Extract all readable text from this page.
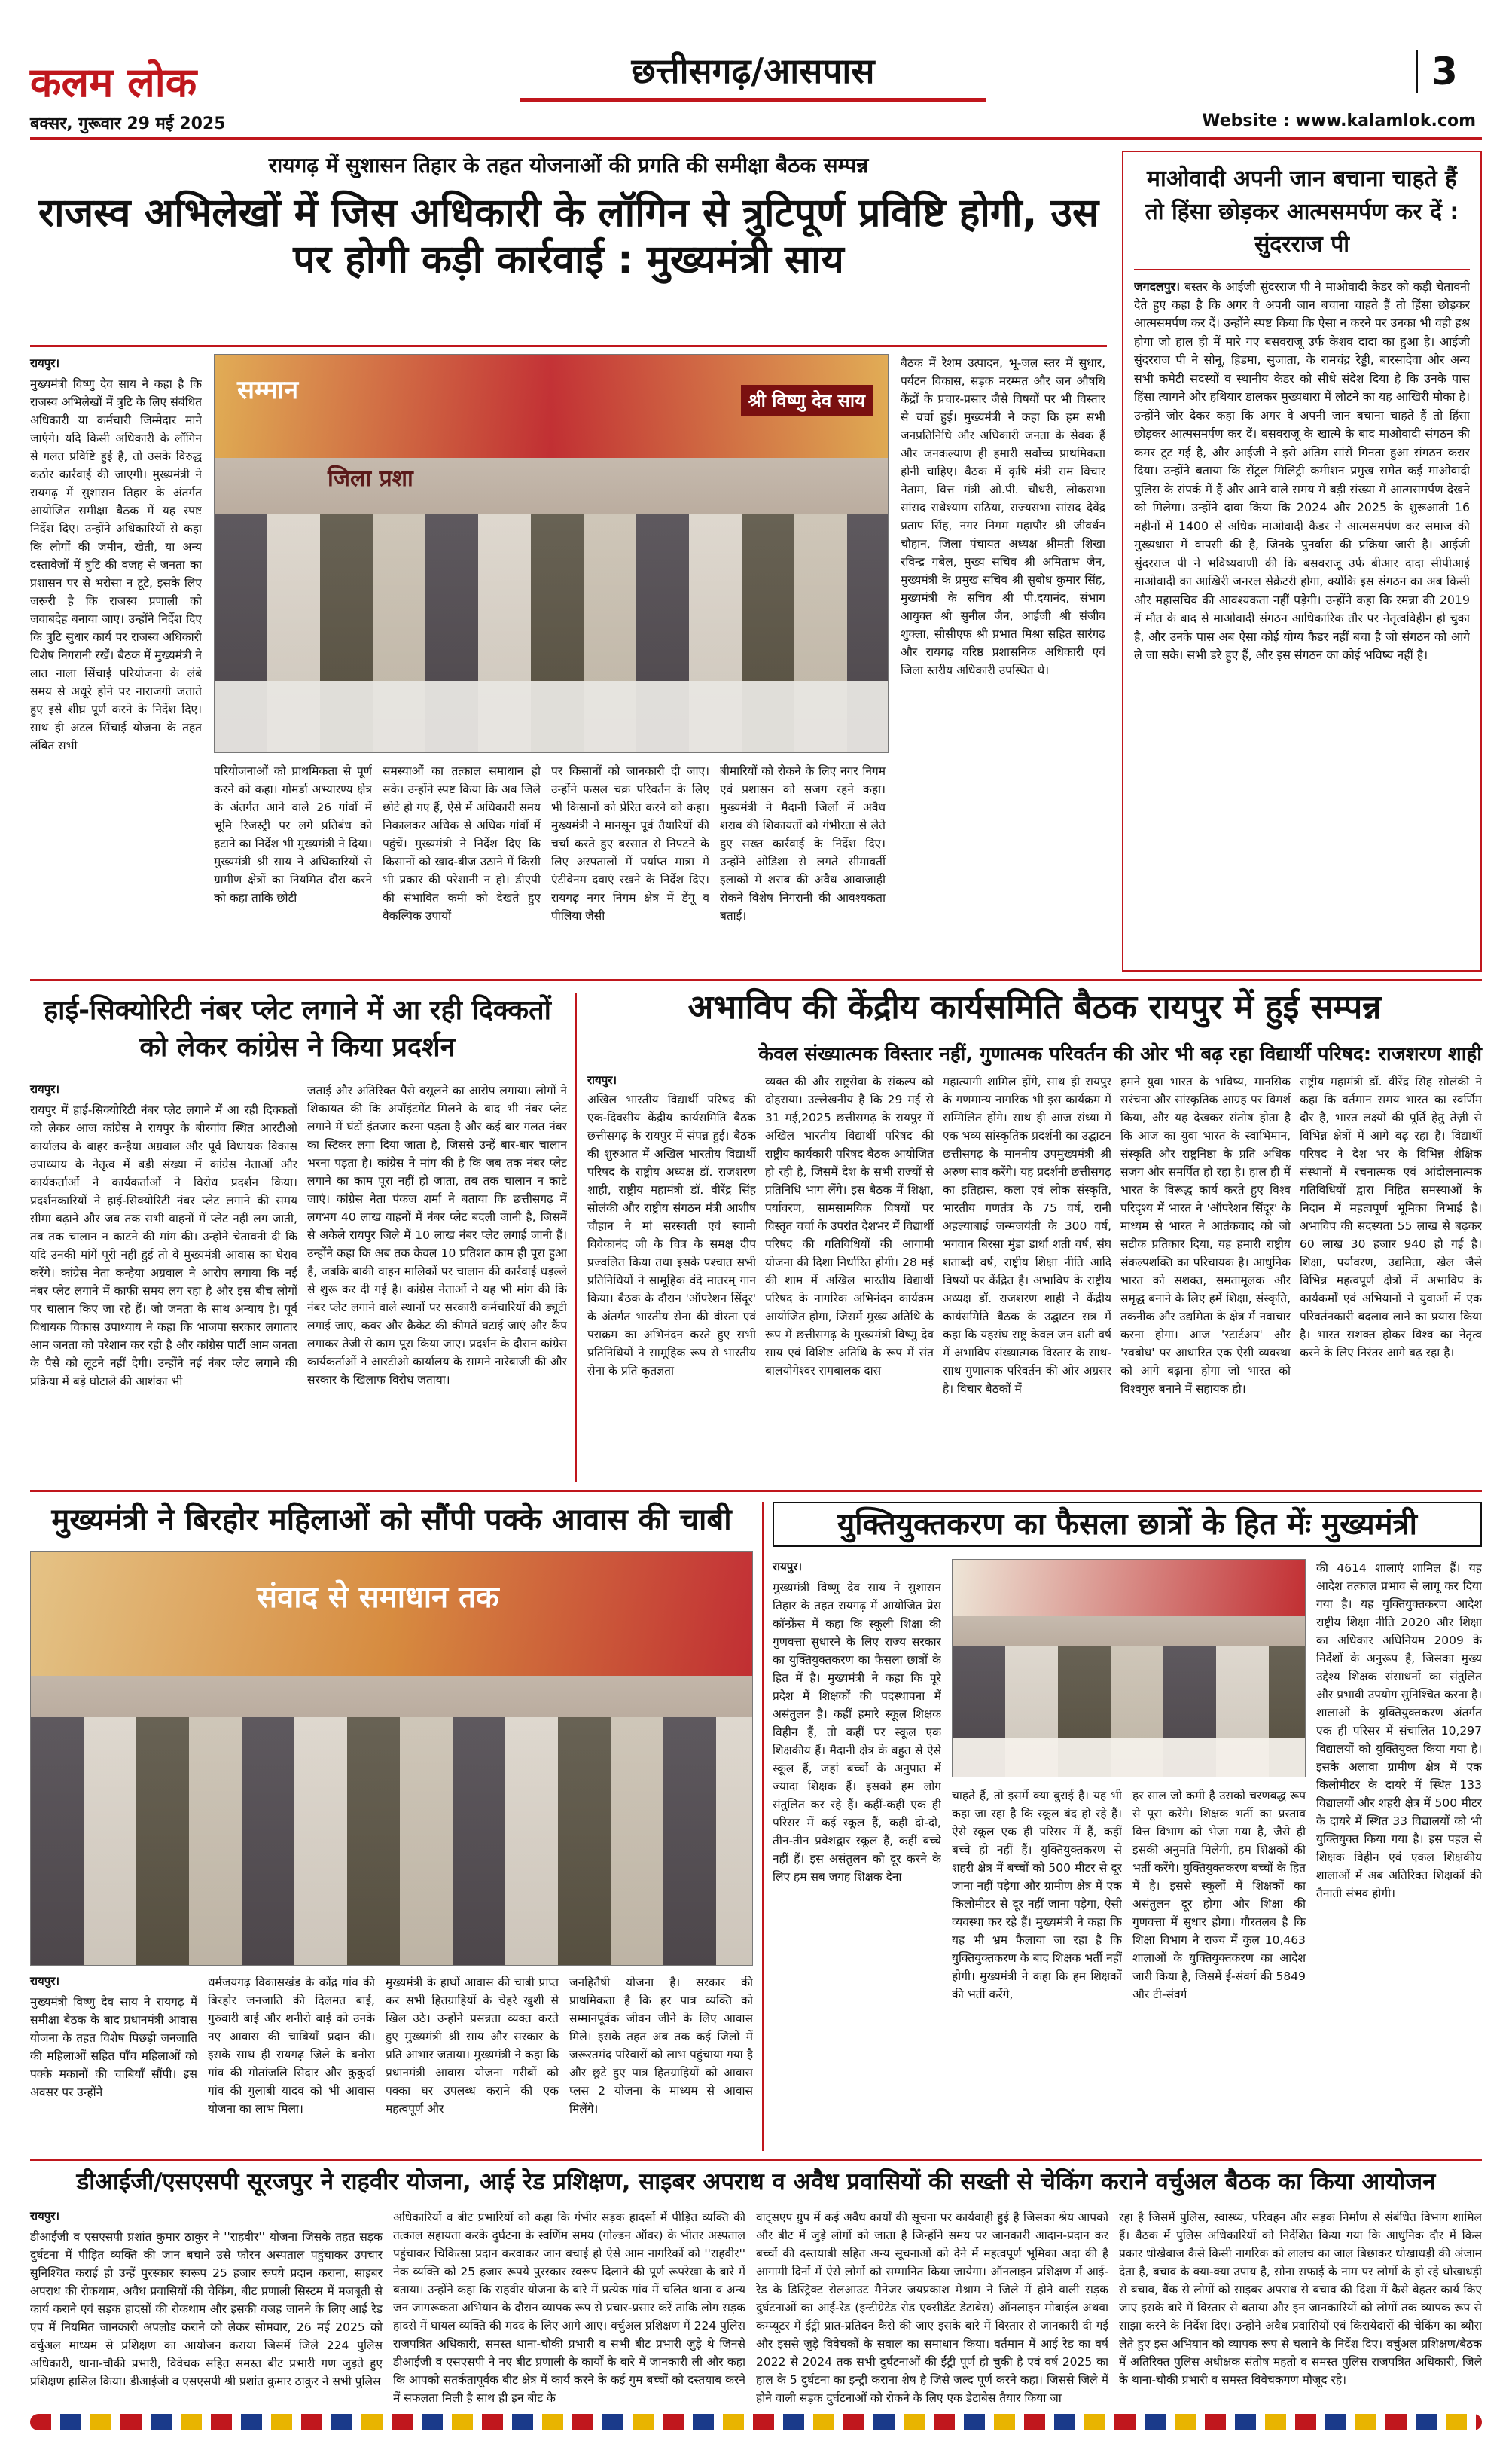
कलम लोक
बक्सर, गुरूवार 29 मई 2025
छत्तीसगढ़/आसपास	3
Website : www.kalamlok.com
रायगढ़ में सुशासन तिहार के तहत योजनाओं की प्रगति की समीक्षा बैठक सम्पन्न
राजस्व अभिलेखों में जिस अधिकारी के लॉगिन से त्रुटिपूर्ण प्रविष्टि होगी, उस पर होगी कड़ी कार्रवाई : मुख्यमंत्री साय
रायपुर।
मुख्यमंत्री विष्णु देव साय ने कहा है कि राजस्व अभिलेखों में त्रुटि के लिए संबंधित अधिकारी या कर्मचारी जिम्मेदार माने जाएंगे। यदि किसी अधिकारी के लॉगिन से गलत प्रविष्टि हुई है, तो उसके विरुद्ध कठोर कार्रवाई की जाएगी। मुख्यमंत्री ने रायगढ़ में सुशासन तिहार के अंतर्गत आयोजित समीक्षा बैठक में यह स्पष्ट निर्देश दिए। उन्होंने अधिकारियों से कहा कि लोगों की जमीन, खेती, या अन्य दस्तावेजों में त्रुटि की वजह से जनता का प्रशासन पर से भरोसा न टूटे, इसके लिए जरूरी है कि राजस्व प्रणाली को जवाबदेह बनाया जाए। उन्होंने निर्देश दिए कि त्रुटि सुधार कार्य पर राजस्व अधिकारी विशेष निगरानी रखें। बैठक में मुख्यमंत्री ने लात नाला सिंचाई परियोजना के लंबे समय से अधूरे होने पर नाराजगी जताते हुए इसे शीघ्र पूर्ण करने के निर्देश दिए। साथ ही अटल सिंचाई योजना के तहत लंबित सभी
सम्मान
जिला प्रशा
श्री विष्णु देव साय
परियोजनाओं को प्राथमिकता से पूर्ण करने को कहा। गोमर्डा अभ्यारण्य क्षेत्र के अंतर्गत आने वाले 26 गांवों में भूमि रिजस्ट्री पर लगे प्रतिबंध को हटाने का निर्देश भी मुख्यमंत्री ने दिया। मुख्यमंत्री श्री साय ने अधिकारियों से ग्रामीण क्षेत्रों का नियमित दौरा करने को कहा ताकि छोटी
समस्याओं का तत्काल समाधान हो सके। उन्होंने स्पष्ट किया कि अब जिले छोटे हो गए हैं, ऐसे में अधिकारी समय निकालकर अधिक से अधिक गांवों में पहुंचें। मुख्यमंत्री ने निर्देश दिए कि किसानों को खाद-बीज उठाने में किसी भी प्रकार की परेशानी न हो। डीएपी की संभावित कमी को देखते हुए वैकल्पिक उपायों
पर किसानों को जानकारी दी जाए। उन्होंने फसल चक्र परिवर्तन के लिए भी किसानों को प्रेरित करने को कहा। मुख्यमंत्री ने मानसून पूर्व तैयारियों की चर्चा करते हुए बरसात से निपटने के लिए अस्पतालों में पर्याप्त मात्रा में एंटीवेनम दवाएं रखने के निर्देश दिए। रायगढ़ नगर निगम क्षेत्र में डेंगू व पीलिया जैसी
बीमारियों को रोकने के लिए नगर निगम एवं प्रशासन को सजग रहने कहा। मुख्यमंत्री ने मैदानी जिलों में अवैध शराब की शिकायतों को गंभीरता से लेते हुए सख्त कार्रवाई के निर्देश दिए। उन्होंने ओडिशा से लगते सीमावर्ती इलाकों में शराब की अवैध आवाजाही रोकने विशेष निगरानी की आवश्यकता बताई।
बैठक में रेशम उत्पादन, भू-जल स्तर में सुधार, पर्यटन विकास, सड़क मरम्मत और जन औषधि केंद्रों के प्रचार-प्रसार जैसे विषयों पर भी विस्तार से चर्चा हुई। मुख्यमंत्री ने कहा कि हम सभी जनप्रतिनिधि और अधिकारी जनता के सेवक हैं और जनकल्याण ही हमारी सर्वोच्च प्राथमिकता होनी चाहिए। बैठक में कृषि मंत्री राम विचार नेताम, वित्त मंत्री ओ.पी. चौधरी, लोकसभा सांसद राधेश्याम राठिया, राज्यसभा सांसद देवेंद्र प्रताप सिंह, नगर निगम महापौर श्री जीवर्धन चौहान, जिला पंचायत अध्यक्ष श्रीमती शिखा रविन्द्र गबेल, मुख्य सचिव श्री अमिताभ जैन, मुख्यमंत्री के प्रमुख सचिव श्री सुबोध कुमार सिंह, मुख्यमंत्री के सचिव श्री पी.दयानंद, संभाग आयुक्त श्री सुनील जैन, आईजी श्री संजीव शुक्ला, सीसीएफ श्री प्रभात मिश्रा सहित सारंगढ़ और रायगढ़ वरिष्ठ प्रशासनिक अधिकारी एवं जिला स्तरीय अधिकारी उपस्थित थे।
माओवादी अपनी जान बचाना चाहते हैं तो हिंसा छोड़कर आत्मसमर्पण कर दें : सुंदरराज पी
जगदलपुर। बस्तर के आईजी सुंदरराज पी ने माओवादी कैडर को कड़ी चेतावनी देते हुए कहा है कि अगर वे अपनी जान बचाना चाहते हैं तो हिंसा छोड़कर आत्मसमर्पण कर दें। उन्होंने स्पष्ट किया कि ऐसा न करने पर उनका भी वही हश्र होगा जो हाल ही में मारे गए बसवराजू उर्फ केशव दादा का हुआ है। आईजी सुंदरराज पी ने सोनू, हिडमा, सुजाता, के रामचंद्र रेड्डी, बारसादेवा और अन्य सभी कमेटी सदस्यों व स्थानीय कैडर को सीधे संदेश दिया है कि उनके पास हिंसा त्यागने और हथियार डालकर मुख्यधारा में लौटने का यह आखिरी मौका है। उन्होंने जोर देकर कहा कि अगर वे अपनी जान बचाना चाहते हैं तो हिंसा छोड़कर आत्मसमर्पण कर दें। बसवराजू के खात्मे के बाद माओवादी संगठन की कमर टूट गई है, और आईजी ने इसे अंतिम सांसें गिनता हुआ संगठन करार दिया। उन्होंने बताया कि सेंट्रल मिलिट्री कमीशन प्रमुख समेत कई माओवादी पुलिस के संपर्क में हैं और आने वाले समय में बड़ी संख्या में आत्मसमर्पण देखने को मिलेगा। उन्होंने दावा किया कि 2024 और 2025 के शुरूआती 16 महीनों में 1400 से अधिक माओवादी कैडर ने आत्मसमर्पण कर समाज की मुख्यधारा में वापसी की है, जिनके पुनर्वास की प्रक्रिया जारी है। आईजी सुंदरराज पी ने भविष्यवाणी की कि बसवराजू उर्फ बीआर दादा सीपीआई माओवादी का आखिरी जनरल सेक्रेटरी होगा, क्योंकि इस संगठन का अब किसी और महासचिव की आवश्यकता नहीं पड़ेगी। उन्होंने कहा कि रमन्ना की 2019 में मौत के बाद से माओवादी संगठन आधिकारिक तौर पर नेतृत्वविहीन हो चुका है, और उनके पास अब ऐसा कोई योग्य कैडर नहीं बचा है जो संगठन को आगे ले जा सके। सभी डरे हुए हैं, और इस संगठन का कोई भविष्य नहीं है।
हाई-सिक्योरिटी नंबर प्लेट लगाने में आ रही दिक्कतों को लेकर कांग्रेस ने किया प्रदर्शन
रायपुर।
रायपुर में हाई-सिक्योरिटी नंबर प्लेट लगाने में आ रही दिक्कतों को लेकर आज कांग्रेस ने रायपुर के बीरगांव स्थित आरटीओ कार्यालय के बाहर कन्हैया अग्रवाल और पूर्व विधायक विकास उपाध्याय के नेतृत्व में बड़ी संख्या में कांग्रेस नेताओं और कार्यकर्ताओं ने कार्यकर्ताओं ने विरोध प्रदर्शन किया। प्रदर्शनकारियों ने हाई-सिक्योरिटी नंबर प्लेट लगाने की समय सीमा बढ़ाने और जब तक सभी वाहनों में प्लेट नहीं लग जाती, तब तक चालान न काटने की मांग की। उन्होंने चेतावनी दी कि यदि उनकी मांगें पूरी नहीं हुई तो वे मुख्यमंत्री आवास का घेराव करेंगे। कांग्रेस नेता कन्हैया अग्रवाल ने आरोप लगाया कि नई नंबर प्लेट लगाने में काफी समय लग रहा है और इस बीच लोगों पर चालान किए जा रहे हैं। जो जनता के साथ अन्याय है। पूर्व विधायक विकास उपाध्याय ने कहा कि भाजपा सरकार लगातार आम जनता को परेशान कर रही है और कांग्रेस पार्टी आम जनता के पैसे को लूटने नहीं देगी। उन्होंने नई नंबर प्लेट लगाने की प्रक्रिया में बड़े घोटाले की आशंका भी
जताई और अतिरिक्त पैसे वसूलने का आरोप लगाया। लोगों ने शिकायत की कि अपॉइंटमेंट मिलने के बाद भी नंबर प्लेट लगाने में घंटों इंतजार करना पड़ता है और कई बार गलत नंबर का स्टिकर लगा दिया जाता है, जिससे उन्हें बार-बार चालान भरना पड़ता है। कांग्रेस ने मांग की है कि जब तक नंबर प्लेट लगाने का काम पूरा नहीं हो जाता, तब तक चालान न काटे जाएं। कांग्रेस नेता पंकज शर्मा ने बताया कि छत्तीसगढ़ में लगभग 40 लाख वाहनों में नंबर प्लेट बदली जानी है, जिसमें से अकेले रायपुर जिले में 10 लाख नंबर प्लेट लगाई जानी हैं। उन्होंने कहा कि अब तक केवल 10 प्रतिशत काम ही पूरा हुआ है, जबकि बाकी वाहन मालिकों पर चालान की कार्रवाई धड़ल्ले से शुरू कर दी गई है। कांग्रेस नेताओं ने यह भी मांग की कि नंबर प्लेट लगाने वाले स्थानों पर सरकारी कर्मचारियों की ड्यूटी लगाई जाए, कवर और क्रैकेट की कीमतें घटाई जाएं और कैंप लगाकर तेजी से काम पूरा किया जाए। प्रदर्शन के दौरान कांग्रेस कार्यकर्ताओं ने आरटीओ कार्यालय के सामने नारेबाजी की और सरकार के खिलाफ विरोध जताया।
अभाविप की केंद्रीय कार्यसमिति बैठक रायपुर में हुई सम्पन्न
केवल संख्यात्मक विस्तार नहीं, गुणात्मक परिवर्तन की ओर भी बढ़ रहा विद्यार्थी परिषद: राजशरण शाही
रायपुर।
अखिल भारतीय विद्यार्थी परिषद की एक-दिवसीय केंद्रीय कार्यसमिति बैठक छत्तीसगढ़ के रायपुर में संपन्न हुई। बैठक की शुरुआत में अखिल भारतीय विद्यार्थी परिषद के राष्ट्रीय अध्यक्ष डॉ. राजशरण शाही, राष्ट्रीय महामंत्री डॉ. वीरेंद्र सिंह सोलंकी और राष्ट्रीय संगठन मंत्री आशीष चौहान ने मां सरस्वती एवं स्वामी विवेकानंद जी के चित्र के समक्ष दीप प्रज्वलित किया तथा इसके पश्चात सभी प्रतिनिधियों ने सामूहिक वंदे मातरम् गान किया। बैठक के दौरान 'ऑपरेशन सिंदूर' के अंतर्गत भारतीय सेना की वीरता एवं पराक्रम का अभिनंदन करते हुए सभी प्रतिनिधियों ने सामूहिक रूप से भारतीय सेना के प्रति कृतज्ञता
व्यक्त की और राष्ट्रसेवा के संकल्प को दोहराया। उल्लेखनीय है कि 29 मई से 31 मई,2025 छत्तीसगढ़ के रायपुर में अखिल भारतीय विद्यार्थी परिषद की राष्ट्रीय कार्यकारी परिषद बैठक आयोजित हो रही है, जिसमें देश के सभी राज्यों से प्रतिनिधि भाग लेंगे। इस बैठक में शिक्षा, पर्यावरण, सामसामयिक विषयों पर विस्तृत चर्चा के उपरांत देशभर में विद्यार्थी परिषद की गतिविधियों की आगामी योजना की दिशा निर्धारित होगी। 28 मई की शाम में अखिल भारतीय विद्यार्थी परिषद के नागरिक अभिनंदन कार्यक्रम आयोजित होगा, जिसमें मुख्य अतिथि के रूप में छत्तीसगढ़ के मुख्यमंत्री विष्णु देव साय एवं विशिष्ट अतिथि के रूप में संत बालयोगेश्वर रामबालक दास
महात्यागी शामिल होंगे, साथ ही रायपुर के गणमान्य नागरिक भी इस कार्यक्रम में सम्मिलित होंगे। साथ ही आज संध्या में एक भव्य सांस्कृतिक प्रदर्शनी का उद्घाटन छत्तीसगढ़ के माननीय उपमुख्यमंत्री श्री अरुण साव करेंगे। यह प्रदर्शनी छत्तीसगढ़ का इतिहास, कला एवं लोक संस्कृति, भारतीय गणतंत्र के 75 वर्ष, रानी अहल्याबाई जन्मजयंती के 300 वर्ष, भगवान बिरसा मुंडा डार्धा शती वर्ष, संघ शताब्दी वर्ष, राष्ट्रीय शिक्षा नीति आदि विषयों पर केंद्रित है। अभाविप के राष्ट्रीय अध्यक्ष डॉ. राजशरण शाही ने केंद्रीय कार्यसमिति बैठक के उद्घाटन सत्र में कहा कि यहसंघ राष्ट्र केवल जन शती वर्ष में अभाविप संख्यात्मक विस्तार के साथ-साथ गुणात्मक परिवर्तन की ओर अग्रसर है। विचार बैठकों में
हमने युवा भारत के भविष्य, मानसिक सरंचना और सांस्कृतिक आग्रह पर विमर्श किया, और यह देखकर संतोष होता है कि आज का युवा भारत के स्वाभिमान, संस्कृति और राष्ट्रनिष्ठा के प्रति अधिक सजग और समर्पित हो रहा है। हाल ही में भारत के विरूद्ध कार्य करते हुए विश्व परिदृश्य में भारत ने 'ऑपरेशन सिंदूर' के माध्यम से भारत ने आतंकवाद को जो सटीक प्रतिकार दिया, यह हमारी राष्ट्रीय संकल्पशक्ति का परिचायक है। आधुनिक भारत को सशक्त, समतामूलक और समृद्ध बनाने के लिए हमें शिक्षा, संस्कृति, तकनीक और उद्यमिता के क्षेत्र में नवाचार करना होगा। आज 'स्टार्टअप' और 'स्वबोध' पर आधारित एक ऐसी व्यवस्था को आगे बढ़ाना होगा जो भारत को विश्वगुरु बनाने में सहायक हो।
राष्ट्रीय महामंत्री डॉ. वीरेंद्र सिंह सोलंकी ने कहा कि वर्तमान समय भारत का स्वर्णिम दौर है, भारत लक्ष्यों की पूर्ति हेतु तेज़ी से विभिन्न क्षेत्रों में आगे बढ़ रहा है। विद्यार्थी परिषद ने देश भर के विभिन्न शैक्षिक संस्थानों में रचनात्मक एवं आंदोलनात्मक गतिविधियों द्वारा निहित समस्याओं के निदान में महत्वपूर्ण भूमिका निभाई है। अभाविप की सदस्यता 55 लाख से बढ़कर 60 लाख 30 हजार 940 हो गई है। शिक्षा, पर्यावरण, उद्यमिता, खेल जैसे विभिन्न महत्वपूर्ण क्षेत्रों में अभाविप के कार्यकर्मों एवं अभियानों ने युवाओं में एक परिवर्तनकारी बदलाव लाने का प्रयास किया है। भारत सशक्त होकर विश्व का नेतृत्व करने के लिए निरंतर आगे बढ़ रहा है।
मुख्यमंत्री ने बिरहोर महिलाओं को सौंपी पक्के आवास की चाबी
संवाद से समाधान तक
रायपुर।
मुख्यमंत्री विष्णु देव साय ने रायगढ़ में समीक्षा बैठक के बाद प्रधानमंत्री आवास योजना के तहत विशेष पिछड़ी जनजाति की महिलाओं सहित पाँच महिलाओं को पक्के मकानों की चाबियाँ सौंपी। इस अवसर पर उन्होंने
धर्मजयगढ़ विकासखंड के कोंद्र गांव की बिरहोर जनजाति की दिलमत बाई, गुरुवारी बाई और शनीरो बाई को उनके नए आवास की चाबियाँ प्रदान की। इसके साथ ही रायगढ़ जिले के बनोरा गांव की गोतांजलि सिदार और कुकुर्दा गांव की गुलाबी यादव को भी आवास योजना का लाभ मिला।
मुख्यमंत्री के हाथों आवास की चाबी प्राप्त कर सभी हितग्राहियों के चेहरे खुशी से खिल उठे। उन्होंने प्रसन्नता व्यक्त करते हुए मुख्यमंत्री श्री साय और सरकार के प्रति आभार जताया। मुख्यमंत्री ने कहा कि प्रधानमंत्री आवास योजना गरीबों को पक्का घर उपलब्ध कराने की एक महत्वपूर्ण और
जनहितैषी योजना है। सरकार की प्राथमिकता है कि हर पात्र व्यक्ति को सम्मानपूर्वक जीवन जीने के लिए आवास मिले। इसके तहत अब तक कई जिलों में जरूरतमंद परिवारों को लाभ पहुंचाया गया है और छूटे हुए पात्र हितग्राहियों को आवास प्लस 2 योजना के माध्यम से आवास मिलेंगे।
युक्तियुक्तकरण का फैसला छात्रों के हित मेंः मुख्यमंत्री
रायपुर।
मुख्यमंत्री विष्णु देव साय ने सुशासन तिहार के तहत रायगढ़ में आयोजित प्रेस कॉन्फ्रेंस में कहा कि स्कूली शिक्षा की गुणवत्ता सुधारने के लिए राज्य सरकार का युक्तियुक्तकरण का फैसला छात्रों के हित में है। मुख्यमंत्री ने कहा कि पूरे प्रदेश में शिक्षकों की पदस्थापना में असंतुलन है। कहीं हमारे स्कूल शिक्षक विहीन हैं, तो कहीं पर स्कूल एक शिक्षकीय हैं। मैदानी क्षेत्र के बहुत से ऐसे स्कूल हैं, जहां बच्चों के अनुपात में ज्यादा शिक्षक हैं। इसको हम लोग संतुलित कर रहे हैं। कहीं-कहीं एक ही परिसर में कई स्कूल हैं, कहीं दो-दो, तीन-तीन प्रवेशद्वार स्कूल हैं, कहीं बच्चे नहीं हैं। इस असंतुलन को दूर करने के लिए हम सब जगह शिक्षक देना
चाहते हैं, तो इसमें क्या बुराई है। यह भी कहा जा रहा है कि स्कूल बंद हो रहे हैं। ऐसे स्कूल एक ही परिसर में हैं, कहीं बच्चे हो नहीं हैं। युक्तियुक्तकरण से शहरी क्षेत्र में बच्चों को 500 मीटर से दूर जाना नहीं पड़ेगा और ग्रामीण क्षेत्र में एक किलोमीटर से दूर नहीं जाना पड़ेगा, ऐसी व्यवस्था कर रहे हैं। मुख्यमंत्री ने कहा कि यह भी भ्रम फैलाया जा रहा है कि युक्तियुक्तकरण के बाद शिक्षक भर्ती नहीं होगी। मुख्यमंत्री ने कहा कि हम शिक्षकों की भर्ती करेंगे,
हर साल जो कमी है उसको चरणबद्ध रूप से पूरा करेंगे। शिक्षक भर्ती का प्रस्ताव वित्त विभाग को भेजा गया है, जैसे ही इसकी अनुमति मिलेगी, हम शिक्षकों की भर्ती करेंगे। युक्तियुक्तकरण बच्चों के हित में है। इससे स्कूलों में शिक्षकों का असंतुलन दूर होगा और शिक्षा की गुणवत्ता में सुधार होगा। गौरतलब है कि शिक्षा विभाग ने राज्य में कुल 10,463 शालाओं के युक्तियुक्तकरण का आदेश जारी किया है, जिसमें ई-संवर्ग की 5849 और टी-संवर्ग
की 4614 शालाएं शामिल हैं। यह आदेश तत्काल प्रभाव से लागू कर दिया गया है। यह युक्तियुक्तकरण आदेश राष्ट्रीय शिक्षा नीति 2020 और शिक्षा का अधिकार अधिनियम 2009 के निर्देशों के अनुरूप है, जिसका मुख्य उद्देश्य शिक्षक संसाधनों का संतुलित और प्रभावी उपयोग सुनिश्चित करना है। शालाओं के युक्तियुक्तकरण अंतर्गत एक ही परिसर में संचालित 10,297 विद्यालयों को युक्तियुक्त किया गया है। इसके अलावा ग्रामीण क्षेत्र में एक किलोमीटर के दायरे में स्थित 133 विद्यालयों और शहरी क्षेत्र में 500 मीटर के दायरे में स्थित 33 विद्यालयों को भी युक्तियुक्त किया गया है। इस पहल से शिक्षक विहीन एवं एकल शिक्षकीय शालाओं में अब अतिरिक्त शिक्षकों की तैनाती संभव होगी।
डीआईजी/एसएसपी सूरजपुर ने राहवीर योजना, आई रेड प्रशिक्षण, साइबर अपराध व अवैध प्रवासियों की सख्ती से चेकिंग कराने वर्चुअल बैठक का किया आयोजन
रायपुर।
डीआईजी व एसएसपी प्रशांत कुमार ठाकुर ने ''राहवीर'' योजना जिसके तहत सड़क दुर्घटना में पीड़ित व्यक्ति की जान बचाने उसे फौरन अस्पताल पहुंचाकर उपचार सुनिश्चित कराई हो उन्हें पुरस्कार स्वरूप 25 हजार रूपये प्रदान कराना, साइबर अपराध की रोकथाम, अवैध प्रवासियों की चेकिंग, बीट प्रणाली सिस्टम में मजबूती से कार्य कराने एवं सड़क हादसों की रोकथाम और इसकी वजह जानने के लिए आई रेड एप में नियमित जानकारी अपलोड कराने को लेकर सोमवार, 26 मई 2025 को वर्चुअल माध्यम से प्रशिक्षण का आयोजन कराया जिसमें जिले 224 पुलिस अधिकारी, थाना-चौकी प्रभारी, विवेचक सहित समस्त बीट प्रभारी गण जुड़ते हुए प्रशिक्षण हासिल किया। डीआईजी व एसएसपी श्री प्रशांत कुमार ठाकुर ने सभी पुलिस
अधिकारियों व बीट प्रभारियों को कहा कि गंभीर सड़क हादसों में पीड़ित व्यक्ति की तत्काल सहायता करके दुर्घटना के स्वर्णिम समय (गोल्डन ऑवर) के भीतर अस्पताल पहुंचाकर चिकित्सा प्रदान करवाकर जान बचाई हो ऐसे आम नागरिकों को ''राहवीर'' नेक व्यक्ति को 25 हजार रूपये पुरस्कार स्वरूप दिलाने की पूर्ण रूपरेखा के बारे में बताया। उन्होंने कहा कि राहवीर योजना के बारे में प्रत्येक गांव में चलित थाना व अन्य जन जागरूकता अभियान के दौरान व्यापक रूप से प्रचार-प्रसार करें ताकि लोग सड़क हादसे में घायल व्यक्ति की मदद के लिए आगे आए। वर्चुअल प्रशिक्षण में 224 पुलिस राजपत्रित अधिकारी, समस्त थाना-चौकी प्रभारी व सभी बीट प्रभारी जुड़े थे जिनसे डीआईजी व एसएसपी ने नए बीट प्रणाली के कार्यों के बारे में जानकारी ली और कहा कि आपको सतर्कतापूर्वक बीट क्षेत्र में कार्य करने के कई गुम बच्चों को दस्तयाब करने में सफलता मिली है साथ ही इन बीट के
वाट्सएप ग्रुप में कई अवैध कार्यों की सूचना पर कार्यवाही हुई है जिसका श्रेय आपको और बीट में जुड़े लोगों को जाता है जिन्होंने समय पर जानकारी आदान-प्रदान कर बच्चों की दस्तयाबी सहित अन्य सूचनाओं को देने में महत्वपूर्ण भूमिका अदा की है आगामी दिनों में ऐसे लोगों को सम्मानित किया जायेगा। ऑनलाइन प्रशिक्षण में आई-रेड के डिस्ट्रिक्ट रोलआउट मैनेजर जयप्रकाश मेश्राम ने जिले में होने वाली सड़क दुर्घटनाओं का आई-रेड (इन्टीग्रेटेड रोड एक्सीडेंट डेटाबेस) ऑनलाइन मोबाईल अथवा कम्प्यूटर में ईंट्री प्रात-प्रतिदन कैसे की जाए इसके बारे में विस्तार से जानकारी दी गई और इससे जुड़े विवेचकों के सवाल का समाधान किया। वर्तमान में आई रेड का वर्ष 2022 से 2024 तक सभी दुर्घटनाओं की ईंट्री पूर्ण हो चुकी है एवं वर्ष 2025 का हाल के 5 दुर्घटना का इन्ट्री कराना शेष है जिसे जल्द पूर्ण करने कहा। जिससे जिले में होने वाली सड़क दुर्घटनाओं को रोकने के लिए एक डेटाबेस तैयार किया जा
रहा है जिसमें पुलिस, स्वास्थ्य, परिवहन और सड़क निर्माण से संबंधित विभाग शामिल हैं। बैठक में पुलिस अधिकारियों को निर्देशित किया गया कि आधुनिक दौर में किस प्रकार धोखेबाज कैसे किसी नागरिक को लालच का जाल बिछाकर धोखाधड़ी की अंजाम देता है, बचाव के क्या-क्या उपाय है, सोना सफाई के नाम पर लोगों के हो रहे धोखाधड़ी से बचाव, बैंक से लोगों को साइबर अपराध से बचाव की दिशा में कैसे बेहतर कार्य किए जाए इसके बारे में विस्तार से बताया और इन जानकारियों को लोगों तक व्यापक रूप से साझा करने के निर्देश दिए। उन्होंने अवैध प्रवासियों एवं किरायेदारों की चेकिंग का ब्यौरा लेते हुए इस अभियान को व्यापक रूप से चलाने के निर्देश दिए। वर्चुअल प्रशिक्षण/बैठक में अतिरिक्त पुलिस अधीक्षक संतोष महतो व समस्त पुलिस राजपत्रित अधिकारी, जिले के थाना-चौकी प्रभारी व समस्त विवेचकगण मौजूद रहे।
